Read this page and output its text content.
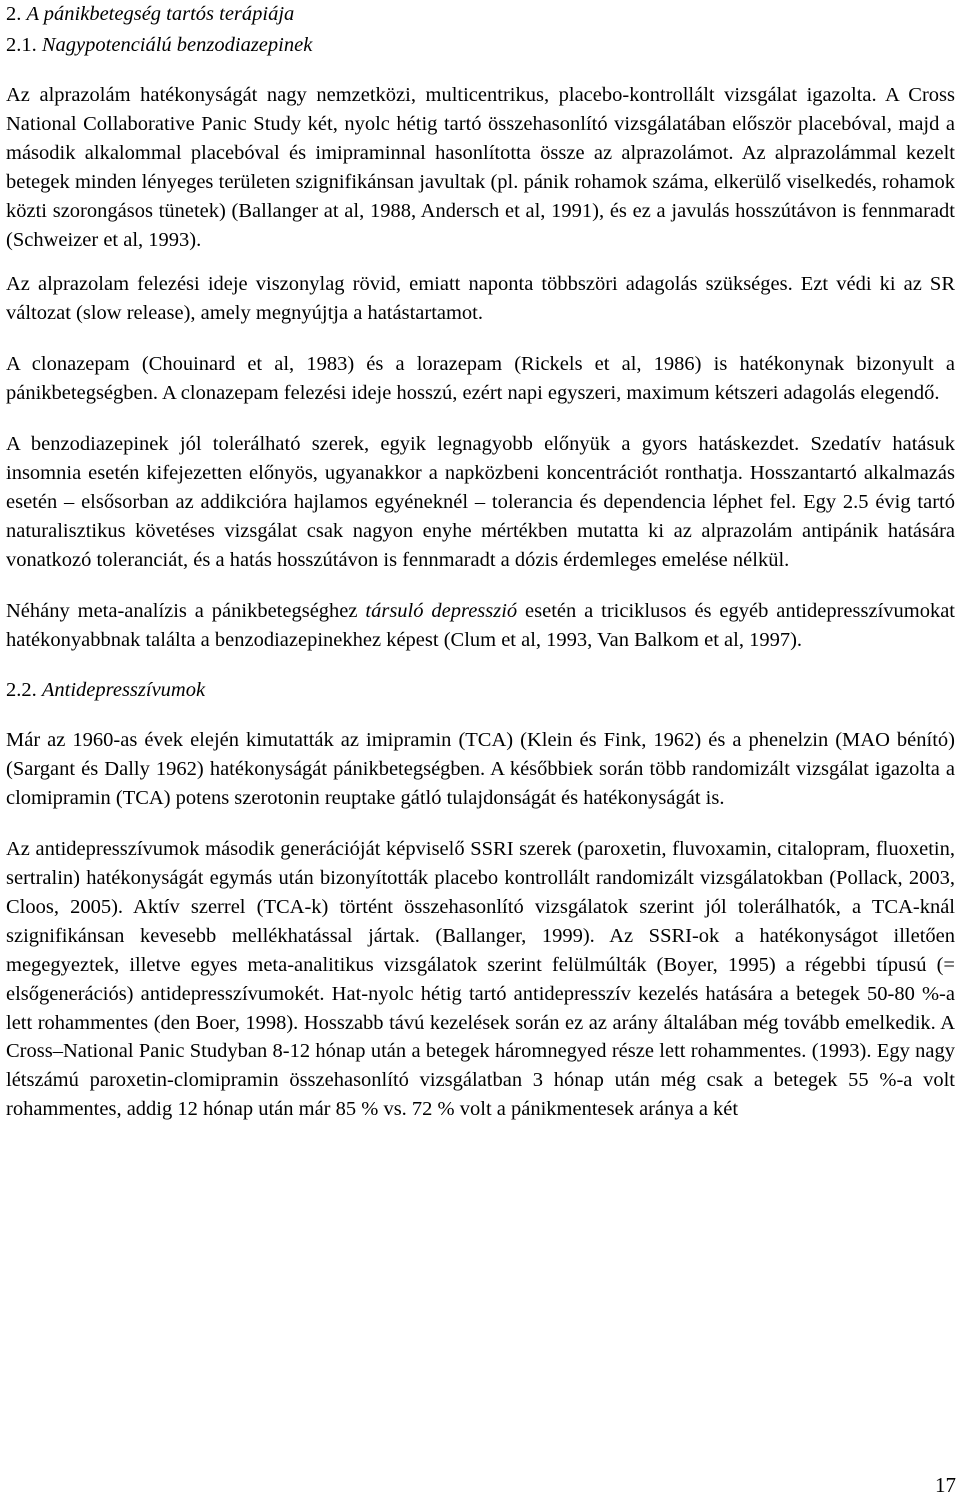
2. A pánikbetegség tartós terápiája
2.1. Nagypotenciálú benzodiazepinek

Az alprazolám hatékonyságát nagy nemzetközi, multicentrikus, placebo-kontrollált vizsgálat igazolta. A Cross National Collaborative Panic Study két, nyolc hétig tartó összehasonlító vizsgálatában először placebóval, majd a második alkalommal placebóval és imipraminnal hasonlította össze az alprazolámot. Az alprazolámmal kezelt betegek minden lényeges területen szignifikánsan javultak (pl. pánik rohamok száma, elkerülő viselkedés, rohamok közti szorongásos tünetek) (Ballanger at al, 1988, Andersch et al, 1991), és ez a javulás hosszútávon is fennmaradt (Schweizer et al, 1993).

Az alprazolam felezési ideje viszonylag rövid, emiatt naponta többszöri adagolás szükséges. Ezt védi ki az SR változat (slow release), amely megnyújtja a hatástartamot.

A clonazepam (Chouinard et al, 1983) és a lorazepam (Rickels et al, 1986) is hatékonynak bizonyult a pánikbetegségben. A clonazepam felezési ideje hosszú, ezért napi egyszeri, maximum kétszeri adagolás elegendő.

A benzodiazepinek jól tolerálható szerek, egyik legnagyobb előnyük a gyors hatáskezdet. Szedatív hatásuk insomnia esetén kifejezetten előnyös, ugyanakkor a napközbeni koncentrációt ronthatja. Hosszantartó alkalmazás esetén – elsősorban az addikcióra hajlamos egyéneknél – tolerancia és dependencia léphet fel. Egy 2.5 évig tartó naturalisztikus követéses vizsgálat csak nagyon enyhe mértékben mutatta ki az alprazolám antipánik hatására vonatkozó toleranciát, és a hatás hosszútávon is fennmaradt a dózis érdemleges emelése nélkül.

Néhány meta-analízis a pánikbetegséghez társuló depresszió esetén a triciklusos és egyéb antidepresszívumokat hatékonyabbnak találta a benzodiazepinekhez képest (Clum et al, 1993, Van Balkom et al, 1997).

2.2. Antidepresszívumok

Már az 1960-as évek elején kimutatták az imipramin (TCA) (Klein és Fink, 1962) és a phenelzin (MAO bénító) (Sargant és Dally 1962) hatékonyságát pánikbetegségben. A későbbiek során több randomizált vizsgálat igazolta a clomipramin (TCA) potens szerotonin reuptake gátló tulajdonságát és hatékonyságát is.

Az antidepresszívumok második generációját képviselő SSRI szerek (paroxetin, fluvoxamin, citalopram, fluoxetin, sertralin) hatékonyságát egymás után bizonyították placebo kontrollált randomizált vizsgálatokban (Pollack, 2003, Cloos, 2005). Aktív szerrel (TCA-k) történt összehasonlító vizsgálatok szerint jól tolerálhatók, a TCA-knál szignifikánsan kevesebb mellékhatással jártak. (Ballanger, 1999). Az SSRI-ok a hatékonyságot illetően megegyeztek, illetve egyes meta-analitikus vizsgálatok szerint felülmúlták (Boyer, 1995) a régebbi típusú (= elsőgenerációs) antidepresszívumokét. Hat-nyolc hétig tartó antidepresszív kezelés hatására a betegek 50-80 %-a lett rohammentes (den Boer, 1998). Hosszabb távú kezelések során ez az arány általában még tovább emelkedik. A Cross–National Panic Studyban 8-12 hónap után a betegek háromnegyed része lett rohammentes. (1993). Egy nagy létszámú paroxetin-clomipramin összehasonlító vizsgálatban 3 hónap után még csak a betegek 55 %-a volt rohammentes, addig 12 hónap után már 85 % vs. 72 % volt a pánikmentesek aránya a két

17
